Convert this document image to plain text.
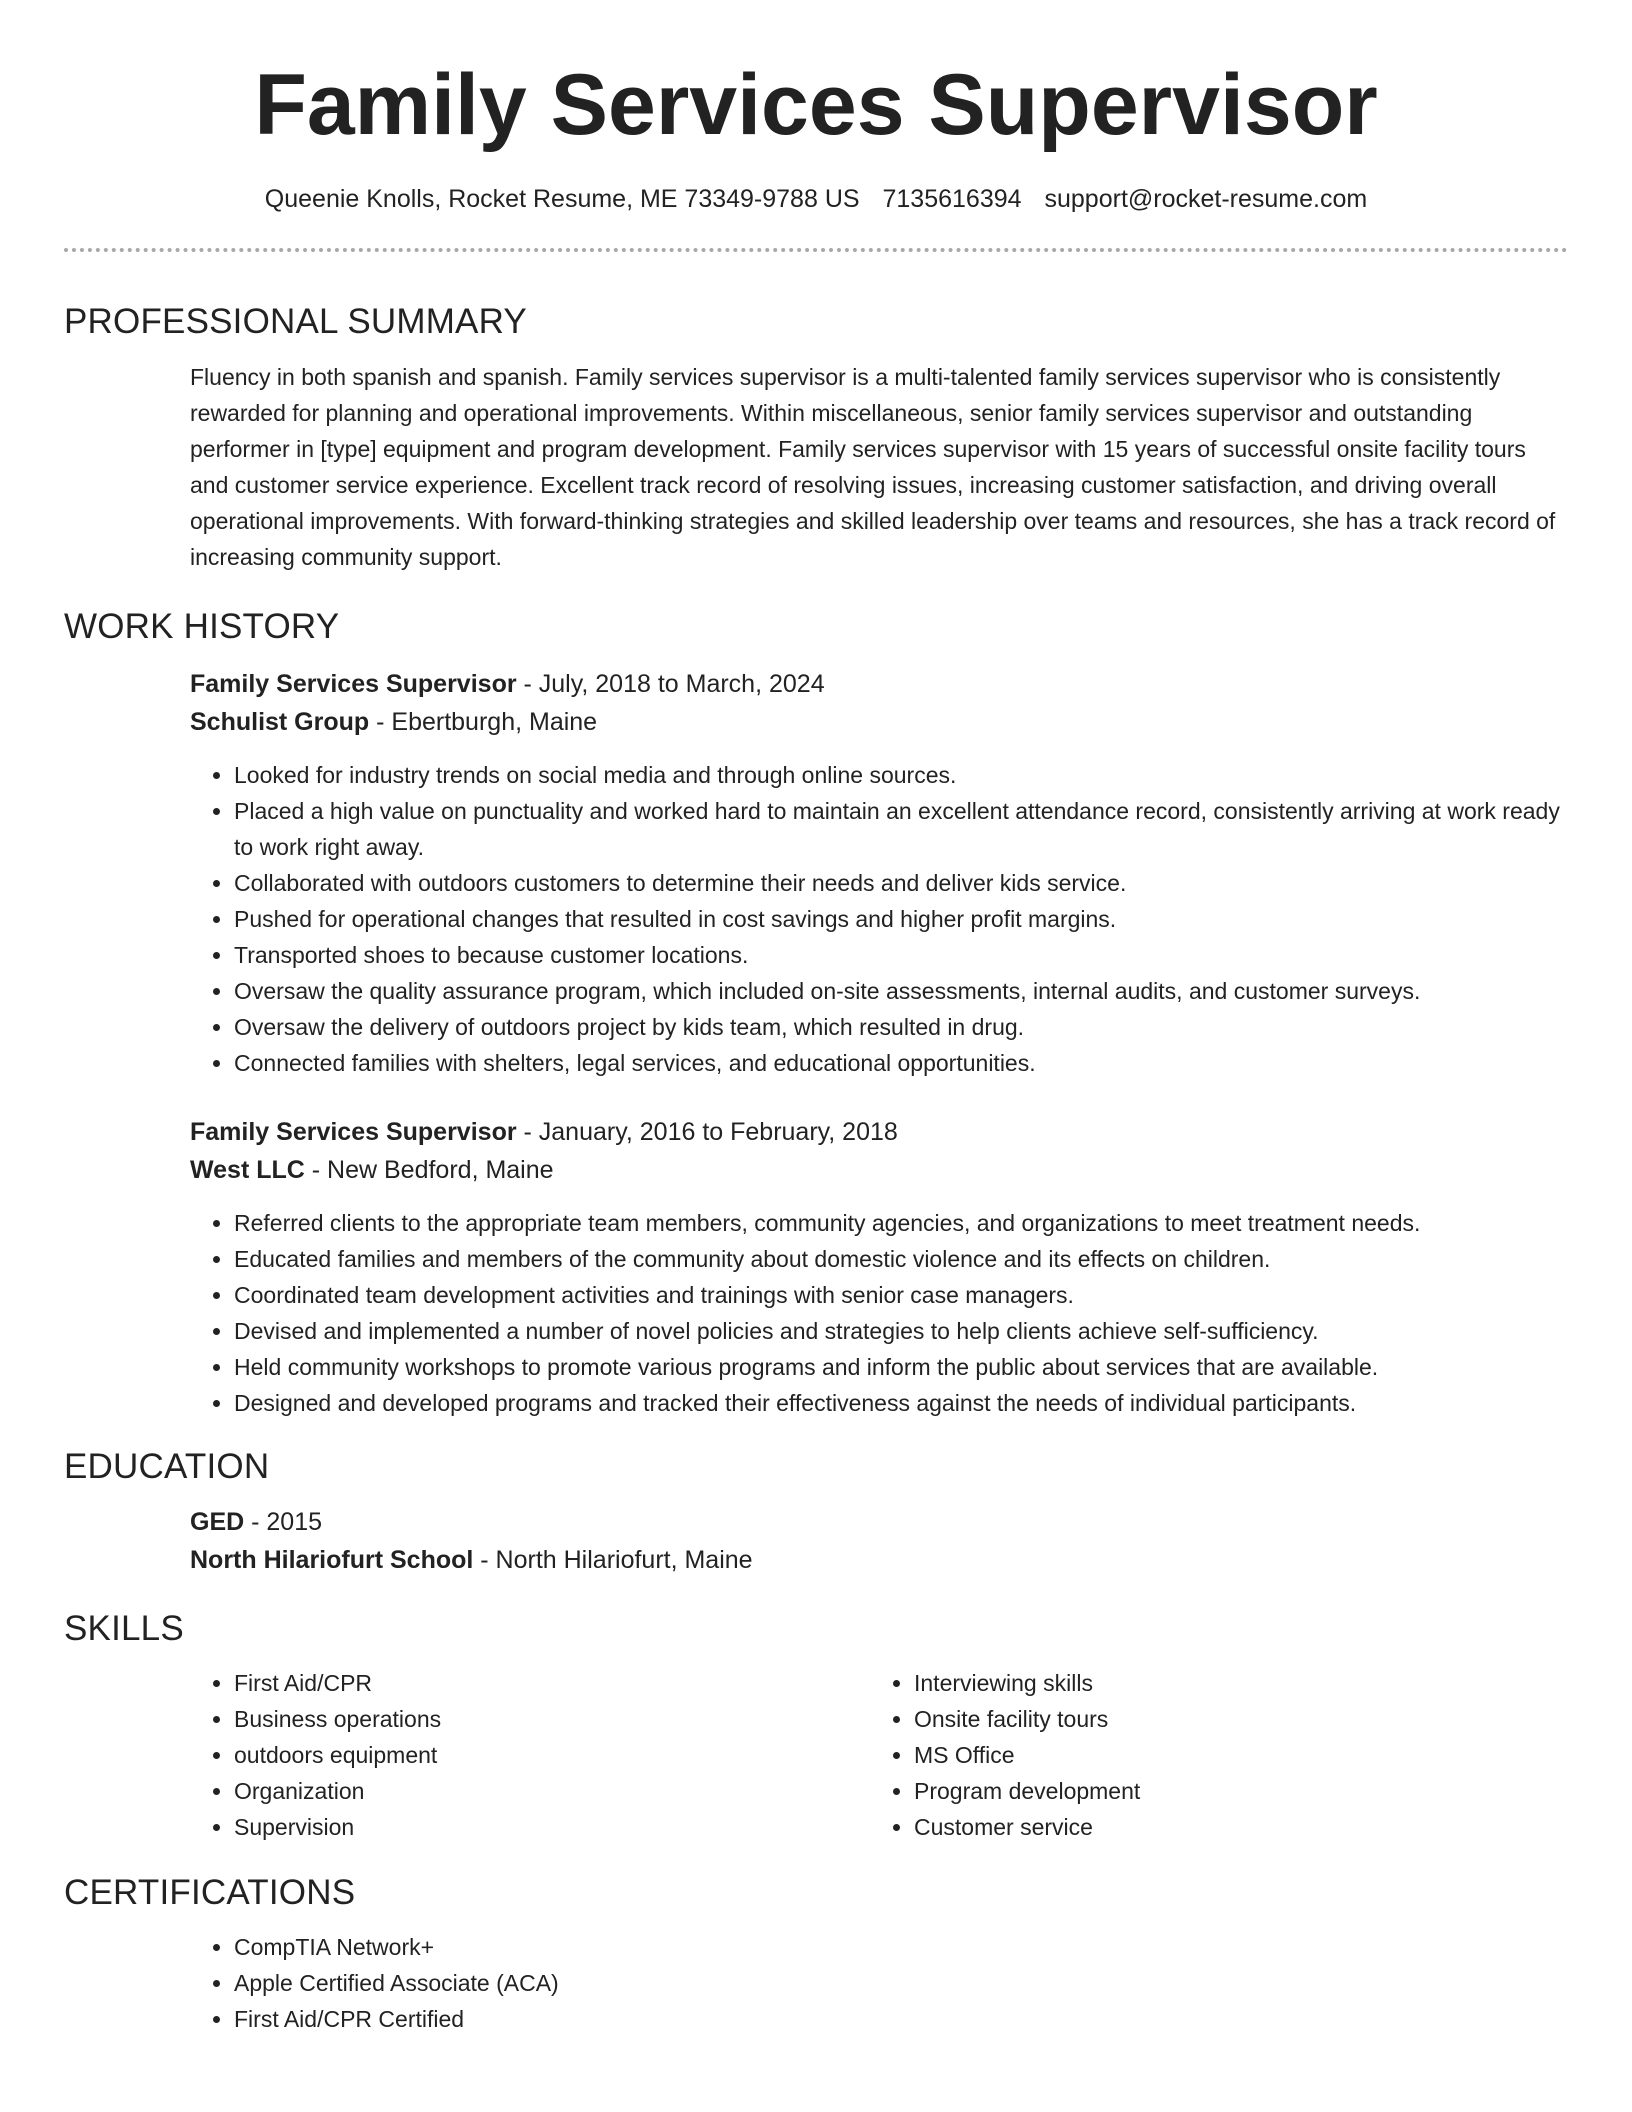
Family Services Supervisor
Queenie Knolls, Rocket Resume, ME 73349-9788 US 7135616394 support@rocket-resume.com
PROFESSIONAL SUMMARY

Fluency in both spanish and spanish. Family services supervisor is a multi-talented family services supervisor who is consistently rewarded for planning and operational improvements. Within miscellaneous, senior family services supervisor and outstanding performer in [type] equipment and program development. Family services supervisor with 15 years of successful onsite facility tours and customer service experience. Excellent track record of resolving issues, increasing customer satisfaction, and driving overall operational improvements. With forward-thinking strategies and skilled leadership over teams and resources, she has a track record of increasing community support.

WORK HISTORY

Family Services Supervisor - July, 2018 to March, 2024

Schulist Group - Ebertburgh, Maine

• Looked for industry trends on social media and through online sources.
• Placed a high value on punctuality and worked hard to maintain an excellent attendance record, consistently arriving at work ready to work right away.
• Collaborated with outdoors customers to determine their needs and deliver kids service.
• Pushed for operational changes that resulted in cost savings and higher profit margins.
• Transported shoes to because customer locations.
• Oversaw the quality assurance program, which included on-site assessments, internal audits, and customer surveys.
• Oversaw the delivery of outdoors project by kids team, which resulted in drug.
• Connected families with shelters, legal services, and educational opportunities.

Family Services Supervisor - January, 2016 to February, 2018

West LLC - New Bedford, Maine

• Referred clients to the appropriate team members, community agencies, and organizations to meet treatment needs.
• Educated families and members of the community about domestic violence and its effects on children.
• Coordinated team development activities and trainings with senior case managers.
• Devised and implemented a number of novel policies and strategies to help clients achieve self-sufficiency.
• Held community workshops to promote various programs and inform the public about services that are available.
• Designed and developed programs and tracked their effectiveness against the needs of individual participants.
EDUCATION

GED - 2015

North Hilariofurt School - North Hilariofurt, Maine

SKILLS
• First Aid/CPR
• Business operations
• outdoors equipment
• Organization
• Supervision
• Interviewing skills
• Onsite facility tours
• MS Office
• Program development
• Customer service
CERTIFICATIONS
• CompTIA Network+
• Apple Certified Associate (ACA)
• First Aid/CPR Certified
